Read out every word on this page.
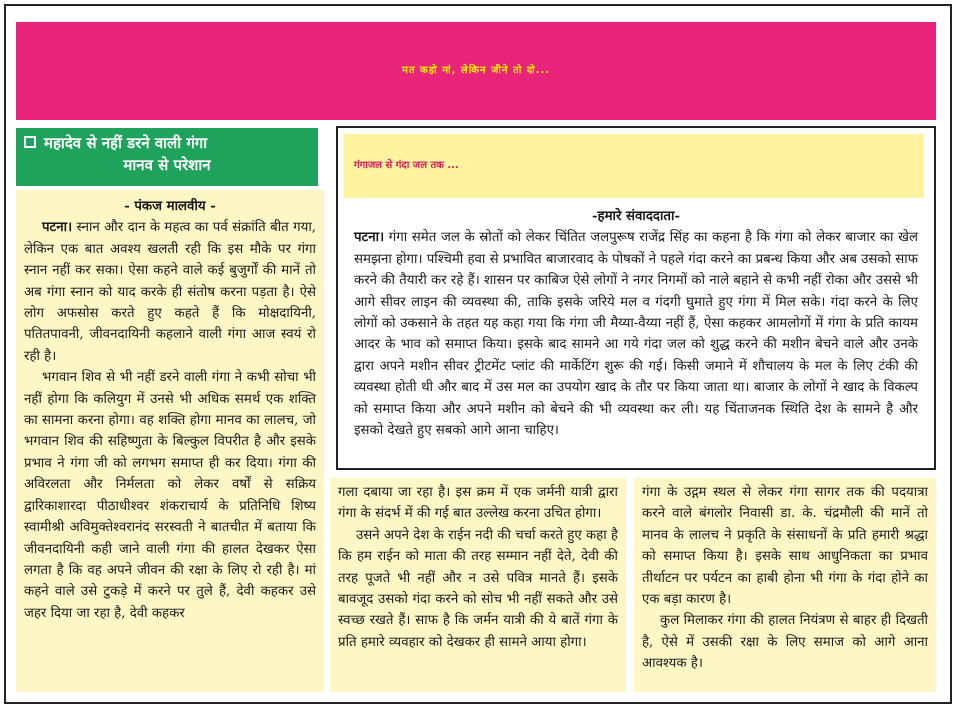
मत कहो मां, लेकिन जीने तो दो...
महादेव से नहीं डरने वाली गंगा
मानव से परेशान

- पंकज मालवीय -

पटना। स्नान और दान के महत्व का पर्व संक्रांति बीत गया, लेकिन एक बात अवश्य खलती रही कि इस मौके पर गंगा स्नान नहीं कर सका। ऐसा कहने वाले कई बुजुर्गों की मानें तो अब गंगा स्नान को याद करके ही संतोष करना पड़ता है। ऐसे लोग अफसोस करते हुए कहते हैं कि मोक्षदायिनी, पतितपावनी, जीवनदायिनी कहलाने वाली गंगा आज स्वयं रो रही है।

भगवान शिव से भी नहीं डरने वाली गंगा ने कभी सोचा भी नहीं होगा कि कलियुग में उनसे भी अधिक समर्थ एक शक्ति का सामना करना होगा। वह शक्ति होगा मानव का लालच, जो भगवान शिव की सहिष्णुता के बिल्कुल विपरीत है और इसके प्रभाव ने गंगा जी को लगभग समाप्त ही कर दिया। गंगा की अविरलता और निर्मलता को लेकर वर्षों से सक्रिय द्वारिकाशारदा पीठाधीश्वर शंकराचार्य के प्रतिनिधि शिष्य स्वामीश्री अविमुक्तेश्वरानंद सरस्वती ने बातचीत में बताया कि जीवनदायिनी कही जाने वाली गंगा की हालत देखकर ऐसा लगता है कि वह अपने जीवन की रक्षा के लिए रो रही है। मां कहने वाले उसे टुकड़े में करने पर तुले हैं, देवी कहकर उसे जहर दिया जा रहा है, देवी कहकर

गंगाजल से गंदा जल तक ...

-हमारे संवाददाता-

पटना। गंगा समेत जल के स्रोतों को लेकर चिंतित जलपुरूष राजेंद्र सिंह का कहना है कि गंगा को लेकर बाजार का खेल समझना होगा। पश्चिमी हवा से प्रभावित बाजारवाद के पोषकों ने पहले गंदा करने का प्रबन्ध किया और अब उसको साफ करने की तैयारी कर रहे हैं। शासन पर काबिज ऐसे लोगों ने नगर निगमों को नाले बहाने से कभी नहीं रोका और उससे भी आगे सीवर लाइन की व्यवस्था की, ताकि इसके जरिये मल व गंदगी घुमाते हुए गंगा में मिल सके। गंदा करने के लिए लोगों को उकसाने के तहत यह कहा गया कि गंगा जी मैय्या-वैय्या नहीं हैं, ऐसा कहकर आमलोगों में गंगा के प्रति कायम आदर के भाव को समाप्त किया। इसके बाद सामने आ गये गंदा जल को शुद्ध करने की मशीन बेचने वाले और उनके द्वारा अपने मशीन सीवर ट्रीटमेंट प्लांट की मार्केटिंग शुरू की गई। किसी जमाने में शौचालय के मल के लिए टंकी की व्यवस्था होती थी और बाद में उस मल का उपयोग खाद के तौर पर किया जाता था। बाजार के लोगों ने खाद के विकल्प को समाप्त किया और अपने मशीन को बेचने की भी व्यवस्था कर ली। यह चिंताजनक स्थिति देश के सामने है और इसको देखते हुए सबको आगे आना चाहिए।

गला दबाया जा रहा है। इस क्रम में एक जर्मनी यात्री द्वारा गंगा के संदर्भ में की गई बात उल्लेख करना उचित होगा।

उसने अपने देश के राईन नदी की चर्चा करते हुए कहा है कि हम राईन को माता की तरह सम्मान नहीं देते, देवी की तरह पूजते भी नहीं और न उसे पवित्र मानते हैं। इसके बावजूद उसको गंदा करने को सोच भी नहीं सकते और उसे स्वच्छ रखते हैं। साफ है कि जर्मन यात्री की ये बातें गंगा के प्रति हमारे व्यवहार को देखकर ही सामने आया होगा।

गंगा के उद्गम स्थल से लेकर गंगा सागर तक की पदयात्रा करने वाले बंगलोर निवासी डा. के. चंद्रमौली की मानें तो मानव के लालच ने प्रकृति के संसाधनों के प्रति हमारी श्रद्धा को समाप्त किया है। इसके साथ आधुनिकता का प्रभाव तीर्थाटन पर पर्यटन का हाबी होना भी गंगा के गंदा होने का एक बड़ा कारण है।

कुल मिलाकर गंगा की हालत नियंत्रण से बाहर ही दिखती है, ऐसे में उसकी रक्षा के लिए समाज को आगे आना आवश्यक है।
